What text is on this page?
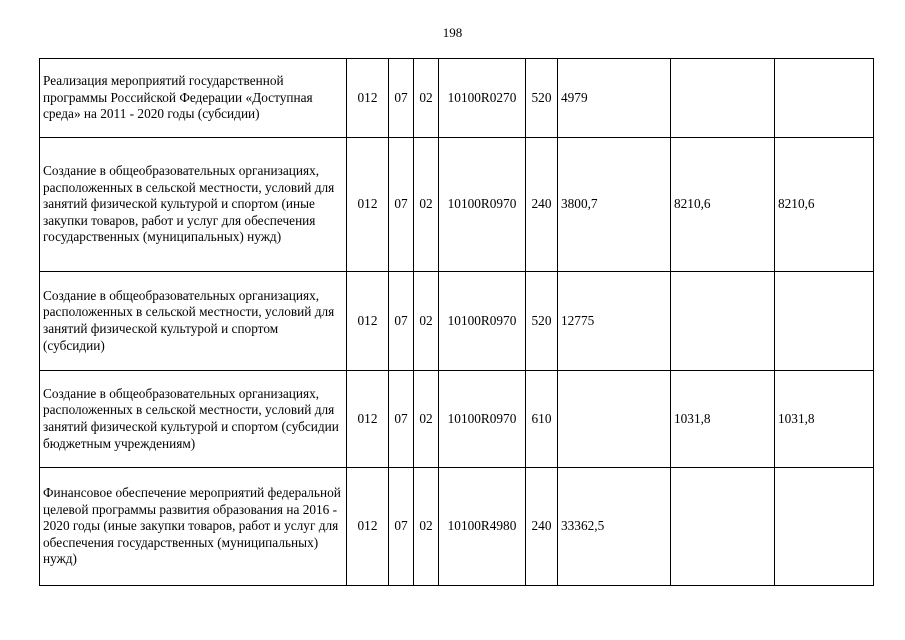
198
Реализация мероприятий государственной программы Российской Федерации «Доступная среда» на 2011 - 2020 годы (субсидии)	012	07	02	10100R0270	520	4979		
Создание в общеобразовательных организациях, расположенных в сельской местности, условий для занятий физической культурой и спортом (иные закупки товаров, работ и услуг для обеспечения государственных (муниципальных) нужд)	012	07	02	10100R0970	240	3800,7	8210,6	8210,6
Создание в общеобразовательных организациях, расположенных в сельской местности, условий для занятий физической культурой и спортом (субсидии)	012	07	02	10100R0970	520	12775		
Создание в общеобразовательных организациях, расположенных в сельской местности, условий для занятий физической культурой и спортом (субсидии бюджетным учреждениям)	012	07	02	10100R0970	610		1031,8	1031,8
Финансовое обеспечение мероприятий федеральной целевой программы развития образования на 2016 - 2020 годы (иные закупки товаров, работ и услуг для обеспечения государственных (муниципальных) нужд)	012	07	02	10100R4980	240	33362,5		
